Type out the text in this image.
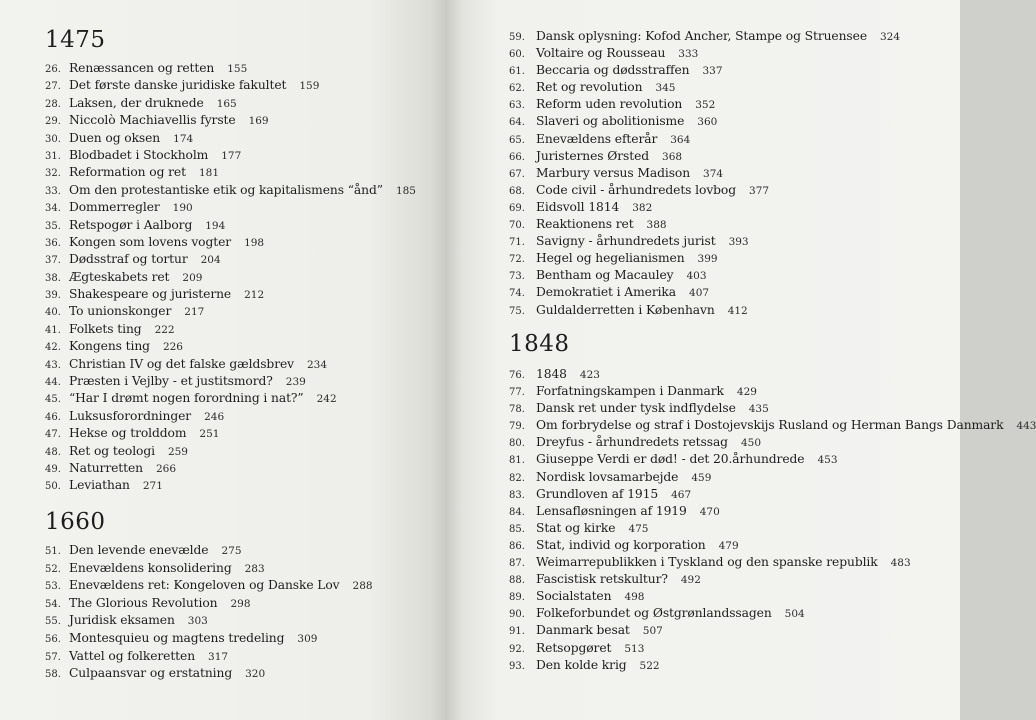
1475
26. Renæssancen og retten 155
27. Det første danske juridiske fakultet 159
28. Laksen, der druknede 165
29. Niccolò Machiavellis fyrste 169
30. Duen og oksen 174
31. Blodbadet i Stockholm 177
32. Reformation og ret 181
33. Om den protestantiske etik og kapitalismens “ånd” 185
34. Dommerregler 190
35. Retspogør i Aalborg 194
36. Kongen som lovens vogter 198
37. Dødsstraf og tortur 204
38. Ægteskabets ret 209
39. Shakespeare og juristerne 212
40. To unionskonger 217
41. Folkets ting 222
42. Kongens ting 226
43. Christian IV og det falske gældsbrev 234
44. Præsten i Vejlby - et justitsmord? 239
45. “Har I drømt nogen forordning i nat?” 242
46. Luksusforordninger 246
47. Hekse og trolddom 251
48. Ret og teologi 259
49. Naturretten 266
50. Leviathan 271
1660
51. Den levende enevælde 275
52. Enevældens konsolidering 283
53. Enevældens ret: Kongeloven og Danske Lov 288
54. The Glorious Revolution 298
55. Juridisk eksamen 303
56. Montesquieu og magtens tredeling 309
57. Vattel og folkeretten 317
58. Culpaansvar og erstatning 320
59. Dansk oplysning: Kofod Ancher, Stampe og Struensee 324
60. Voltaire og Rousseau 333
61. Beccaria og dødsstraffen 337
62. Ret og revolution 345
63. Reform uden revolution 352
64. Slaveri og abolitionisme 360
65. Enevældens efterår 364
66. Juristernes Ørsted 368
67. Marbury versus Madison 374
68. Code civil - århundredets lovbog 377
69. Eidsvoll 1814 382
70. Reaktionens ret 388
71. Savigny - århundredets jurist 393
72. Hegel og hegelianismen 399
73. Bentham og Macauley 403
74. Demokratiet i Amerika 407
75. Guldalderretten i København 412
1848
76. 1848 423
77. Forfatningskampen i Danmark 429
78. Dansk ret under tysk indflydelse 435
79. Om forbrydelse og straf i Dostojevskijs Rusland og Herman Bangs Danmark 443
80. Dreyfus - århundredets retssag 450
81. Giuseppe Verdi er død! - det 20.århundrede 453
82. Nordisk lovsamarbejde 459
83. Grundloven af 1915 467
84. Lensafløsningen af 1919 470
85. Stat og kirke 475
86. Stat, individ og korporation 479
87. Weimarrepublikken i Tyskland og den spanske republik 483
88. Fascistisk retskultur? 492
89. Socialstaten 498
90. Folkeforbundet og Østgrønlandssagen 504
91. Danmark besat 507
92. Retsopgøret 513
93. Den kolde krig 522
